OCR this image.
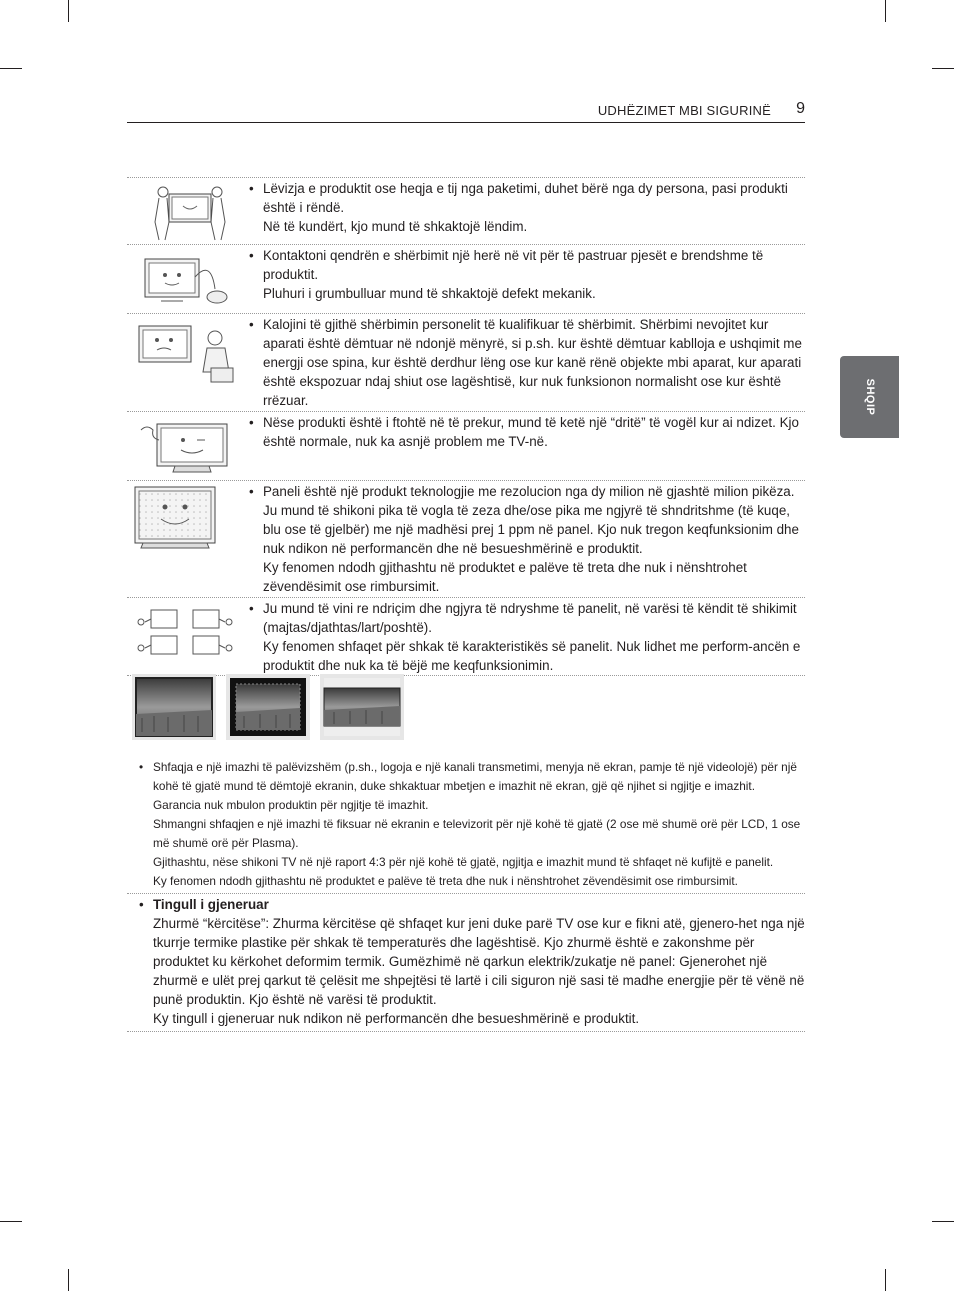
UDHËZIMET MBI SIGURINË 9
SHQIP
• Lëvizja e produktit ose heqja e tij nga paketimi, duhet bërë nga dy persona, pasi produkti është i rëndë.
Në të kundërt, kjo mund të shkaktojë lëndim.
• Kontaktoni qendrën e shërbimit një herë në vit për të pastruar pjesët e brendshme të produktit.
Pluhuri i grumbulluar mund të shkaktojë defekt mekanik.
• Kalojini të gjithë shërbimin personelit të kualifikuar të shërbimit. Shërbimi nevojitet kur aparati është dëmtuar në ndonjë mënyrë, si p.sh. kur është dëmtuar kablloja e ushqimit me energji ose spina, kur është derdhur lëng ose kur kanë rënë objekte mbi aparat, kur aparati është ekspozuar ndaj shiut ose lagështisë, kur nuk funksionon normalisht ose kur është rrëzuar.
• Nëse produkti është i ftohtë në të prekur, mund të ketë një “dritë” të vogël kur ai ndizet. Kjo është normale, nuk ka asnjë problem me TV-në.
• Paneli është një produkt teknologjie me rezolucion nga dy milion në gjashtë milion pikëza. Ju mund të shikoni pika të vogla të zeza dhe/ose pika me ngjyrë të shndritshme (të kuqe, blu ose të gjelbër) me një madhësi prej 1 ppm në panel. Kjo nuk tregon keqfunksionim dhe nuk ndikon në performancën dhe në besueshmërinë e produktit.
Ky fenomen ndodh gjithashtu në produktet e palëve të treta dhe nuk i nënshtrohet zëvendësimit ose rimbursimit.
• Ju mund të vini re ndriçim dhe ngjyra të ndryshme të panelit, në varësi të këndit të shikimit (majtas/djathtas/lart/poshtë).
Ky fenomen shfaqet për shkak të karakteristikës së panelit. Nuk lidhet me perform-ancën e produktit dhe nuk ka të bëjë me keqfunksionimin.
• Shfaqja e një imazhi të palëvizshëm (p.sh., logoja e një kanali transmetimi, menyja në ekran, pamje të një videolojë) për një kohë të gjatë mund të dëmtojë ekranin, duke shkaktuar mbetjen e imazhit në ekran, gjë që njihet si ngjitje e imazhit. Garancia nuk mbulon produktin për ngjitje të imazhit.
Shmangni shfaqjen e një imazhi të fiksuar në ekranin e televizorit për një kohë të gjatë (2 ose më shumë orë për LCD, 1 ose më shumë orë për Plasma).
Gjithashtu, nëse shikoni TV në një raport 4:3 për një kohë të gjatë, ngjitja e imazhit mund të shfaqet në kufijtë e panelit.
Ky fenomen ndodh gjithashtu në produktet e palëve të treta dhe nuk i nënshtrohet zëvendësimit ose rimbursimit.
• Tingull i gjeneruar
Zhurmë “kërcitëse”: Zhurma kërcitëse që shfaqet kur jeni duke parë TV ose kur e fikni atë, gjenero-het nga një tkurrje termike plastike për shkak të temperaturës dhe lagështisë. Kjo zhurmë është e zakonshme për produktet ku kërkohet deformim termik. Gumëzhimë në qarkun elektrik/zukatje në panel: Gjenerohet një zhurmë e ulët prej qarkut të çelësit me shpejtësi të lartë i cili siguron një sasi të madhe energjie për të vënë në punë produktin. Kjo është në varësi të produktit.
Ky tingull i gjeneruar nuk ndikon në performancën dhe besueshmërinë e produktit.
